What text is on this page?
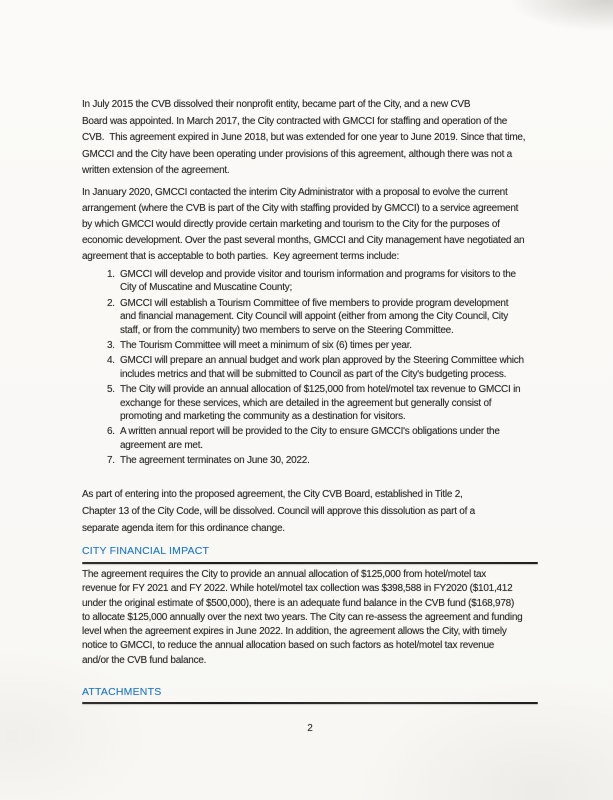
In July 2015 the CVB dissolved their nonprofit entity, became part of the City, and a new CVB
Board was appointed. In March 2017, the City contracted with GMCCI for staffing and operation of the
CVB.  This agreement expired in June 2018, but was extended for one year to June 2019. Since that time,
GMCCI and the City have been operating under provisions of this agreement, although there was not a
written extension of the agreement.
In January 2020, GMCCI contacted the interim City Administrator with a proposal to evolve the current
arrangement (where the CVB is part of the City with staffing provided by GMCCI) to a service agreement
by which GMCCI would directly provide certain marketing and tourism to the City for the purposes of
economic development. Over the past several months, GMCCI and City management have negotiated an
agreement that is acceptable to both parties.  Key agreement terms include:
1. GMCCI will develop and provide visitor and tourism information and programs for visitors to the
City of Muscatine and Muscatine County;
2. GMCCI will establish a Tourism Committee of five members to provide program development
and financial management. City Council will appoint (either from among the City Council, City
staff, or from the community) two members to serve on the Steering Committee.
3. The Tourism Committee will meet a minimum of six (6) times per year.
4. GMCCI will prepare an annual budget and work plan approved by the Steering Committee which
includes metrics and that will be submitted to Council as part of the City's budgeting process.
5. The City will provide an annual allocation of $125,000 from hotel/motel tax revenue to GMCCI in
exchange for these services, which are detailed in the agreement but generally consist of
promoting and marketing the community as a destination for visitors.
6. A written annual report will be provided to the City to ensure GMCCI's obligations under the
agreement are met.
7. The agreement terminates on June 30, 2022.
As part of entering into the proposed agreement, the City CVB Board, established in Title 2,
Chapter 13 of the City Code, will be dissolved. Council will approve this dissolution as part of a
separate agenda item for this ordinance change.
CITY FINANCIAL IMPACT
The agreement requires the City to provide an annual allocation of $125,000 from hotel/motel tax
revenue for FY 2021 and FY 2022. While hotel/motel tax collection was $398,588 in FY2020 ($101,412
under the original estimate of $500,000), there is an adequate fund balance in the CVB fund ($168,978)
to allocate $125,000 annually over the next two years. The City can re-assess the agreement and funding
level when the agreement expires in June 2022. In addition, the agreement allows the City, with timely
notice to GMCCI, to reduce the annual allocation based on such factors as hotel/motel tax revenue
and/or the CVB fund balance.
ATTACHMENTS
2
